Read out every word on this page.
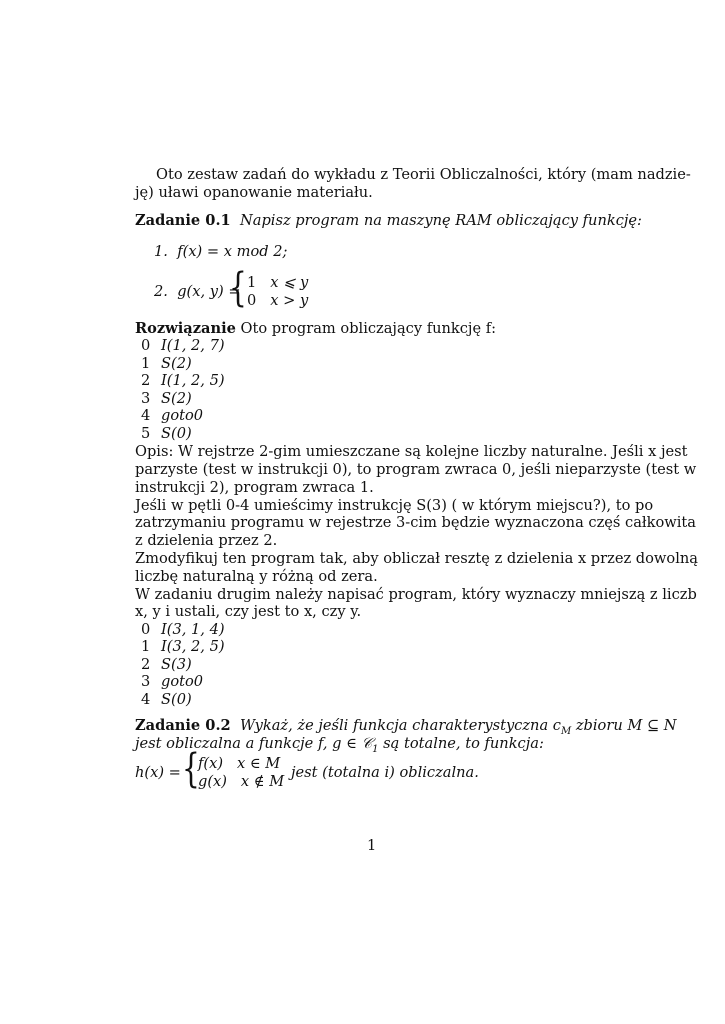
Oto zestaw zadań do wykładu z Teorii Obliczalności, który (mam nadzie-
ję) uławi opanowanie materiału.
Zadanie 0.1 Napisz program na maszynę RAM obliczający funkcję:
1. f(x) = x mod 2;
2. g(x, y) =
{ 1 x ⩽ y
0 x > y
Rozwiązanie Oto program obliczający funkcję f:
0 I(1, 2, 7)
1 S(2)
2 I(1, 2, 5)
3 S(2)
4 goto0
5 S(0)
Opis: W rejstrze 2-gim umieszczane są kolejne liczby naturalne. Jeśli x jest
parzyste (test w instrukcji 0), to program zwraca 0, jeśli nieparzyste (test w
instrukcji 2), program zwraca 1.
Jeśli w pętli 0-4 umieścimy instrukcję S(3) ( w którym miejscu?), to po
zatrzymaniu programu w rejestrze 3-cim będzie wyznaczona częś całkowita
z dzielenia przez 2.
Zmodyfikuj ten program tak, aby obliczał resztę z dzielenia x przez dowolną
liczbę naturalną y różną od zera.
W zadaniu drugim należy napisać program, który wyznaczy mniejszą z liczb
x, y i ustali, czy jest to x, czy y.
0 I(3, 1, 4)
1 I(3, 2, 5)
2 S(3)
3 goto0
4 S(0)
Zadanie 0.2 Wykaż, że jeśli funkcja charakterystyczna $c_M$ zbioru M ⊆ N
jest obliczalna a funkcje f, g ∈ 𝒞$_1$ są totalne, to funkcja:
h(x) = {
f(x) x ∈ M
g(x) x ∉ M
jest (totalna i) obliczalna.
1
